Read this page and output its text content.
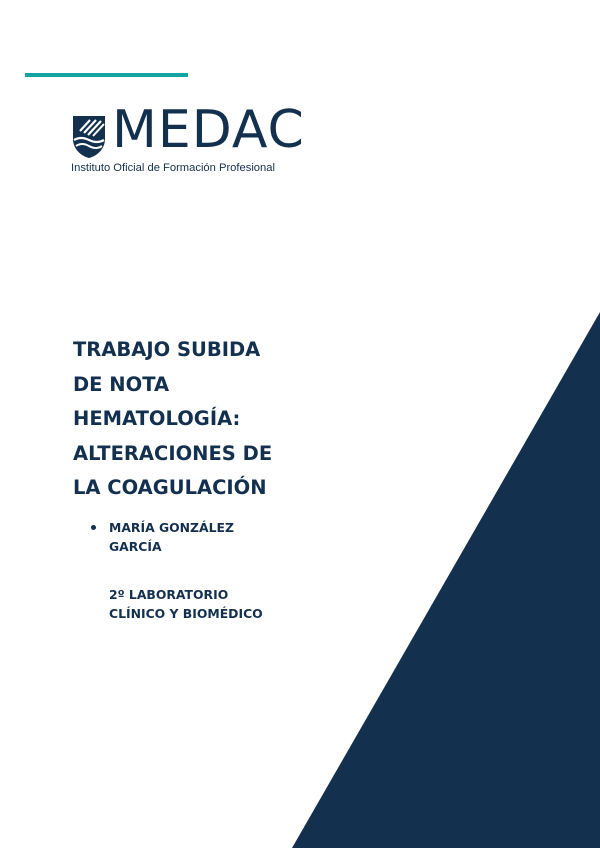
MEDAC
Instituto Oficial de Formación Profesional
TRABAJO SUBIDA
DE NOTA
HEMATOLOGÍA:
ALTERACIONES DE
LA COAGULACIÓN
MARÍA GONZÁLEZ
GARCÍA
2º LABORATORIO
CLÍNICO Y BIOMÉDICO
